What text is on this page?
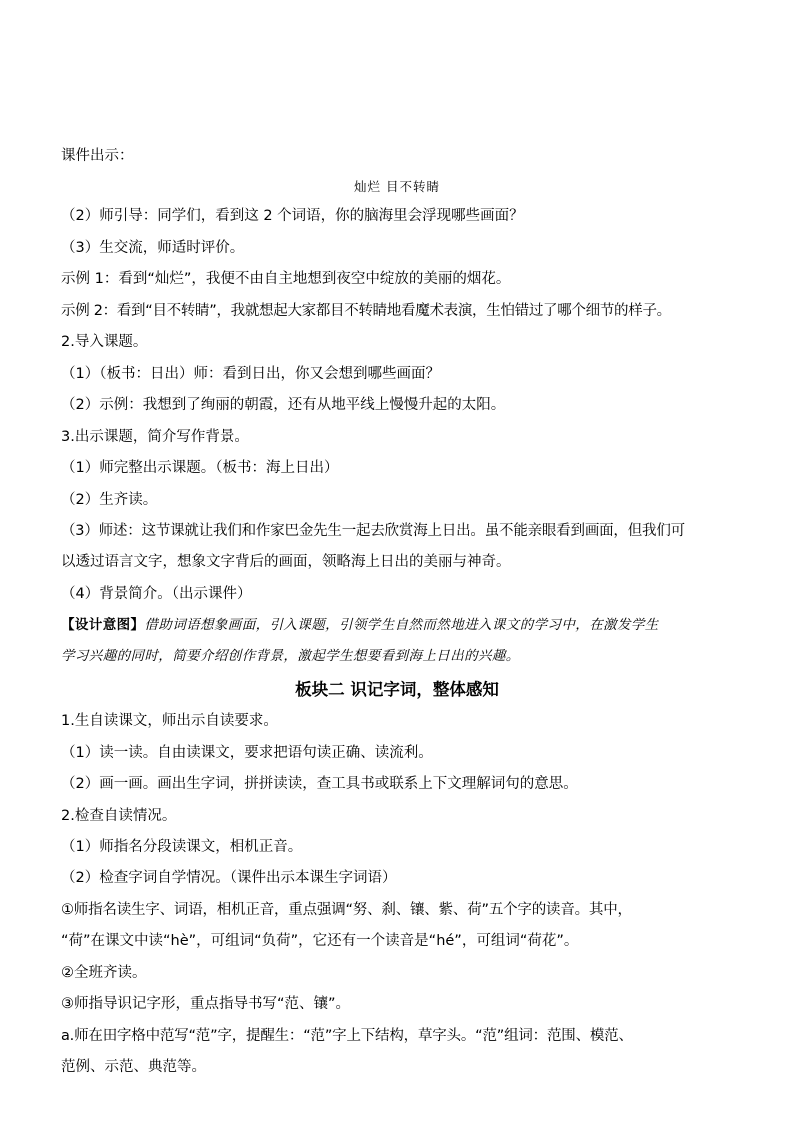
课件出示：
灿烂 目不转睛
（2）师引导：同学们，看到这 2 个词语，你的脑海里会浮现哪些画面？
（3）生交流，师适时评价。
示例 1：看到“灿烂”，我便不由自主地想到夜空中绽放的美丽的烟花。
示例 2：看到“目不转睛”，我就想起大家都目不转睛地看魔术表演，生怕错过了哪个细节的样子。
2.导入课题。
（1）（板书：日出）师：看到日出，你又会想到哪些画面？
（2）示例：我想到了绚丽的朝霞，还有从地平线上慢慢升起的太阳。
3.出示课题，简介写作背景。
（1）师完整出示课题。（板书：海上日出）
（2）生齐读。
（3）师述：这节课就让我们和作家巴金先生一起去欣赏海上日出。虽不能亲眼看到画面，但我们可
以透过语言文字，想象文字背后的画面，领略海上日出的美丽与神奇。
（4）背景简介。（出示课件）
【设计意图】借助词语想象画面，引入课题，引领学生自然而然地进入课文的学习中，在激发学生
学习兴趣的同时，简要介绍创作背景，激起学生想要看到海上日出的兴趣。
板块二 识记字词，整体感知
1.生自读课文，师出示自读要求。
（1）读一读。自由读课文，要求把语句读正确、读流利。
（2）画一画。画出生字词，拼拼读读，查工具书或联系上下文理解词句的意思。
2.检查自读情况。
（1）师指名分段读课文，相机正音。
（2）检查字词自学情况。（课件出示本课生字词语）
①师指名读生字、词语，相机正音，重点强调“努、刹、镶、紫、荷”五个字的读音。其中，
“荷”在课文中读“hè”，可组词“负荷”，它还有一个读音是“hé”，可组词“荷花”。
②全班齐读。
③师指导识记字形，重点指导书写“范、镶”。
a.师在田字格中范写“范”字，提醒生：“范”字上下结构，草字头。“范”组词：范围、模范、
范例、示范、典范等。
